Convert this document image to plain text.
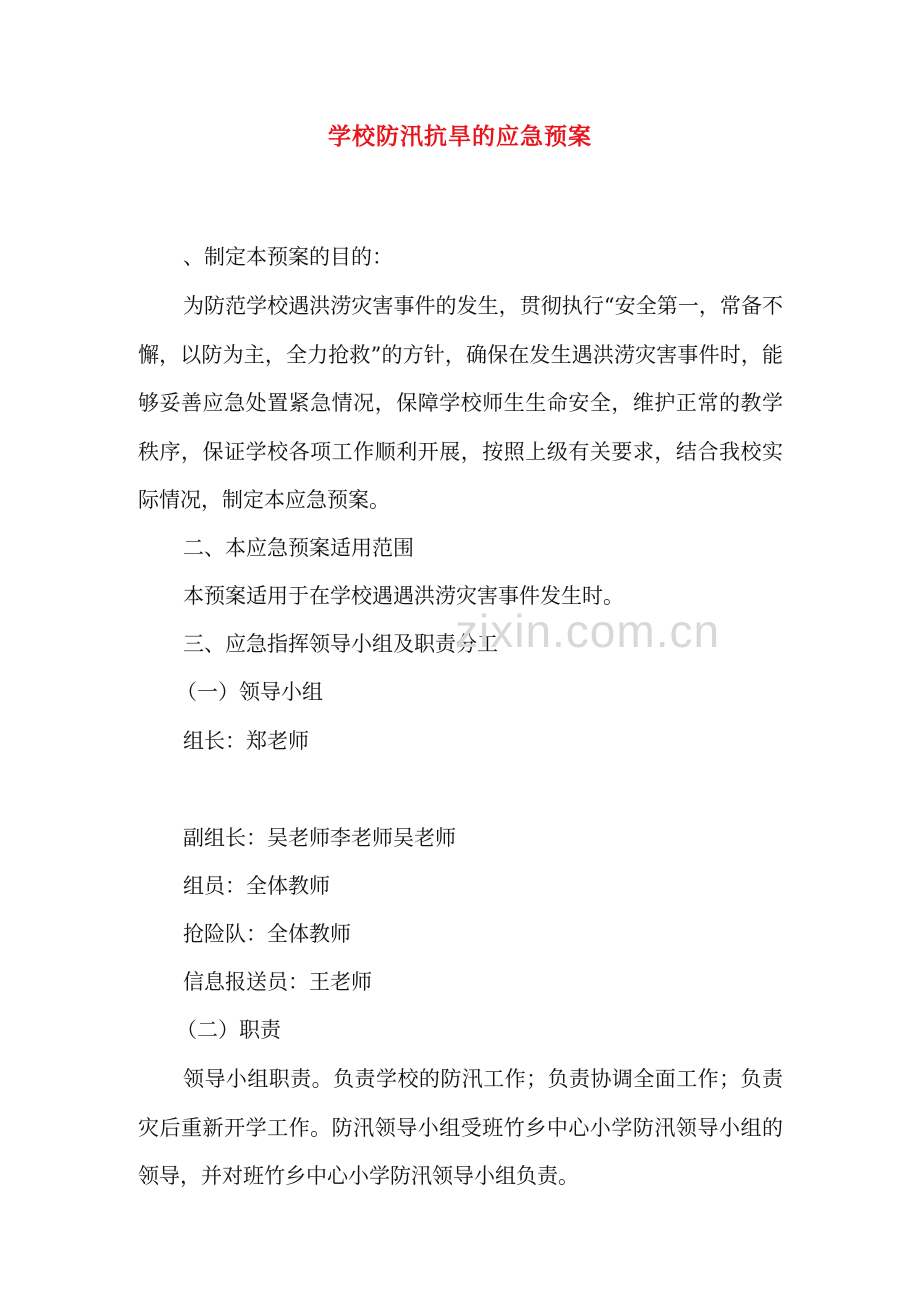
学校防汛抗旱的应急预案
、制定本预案的目的：
为防范学校遇洪涝灾害事件的发生，贯彻执行“安全第一，常备不懈，以防为主，全力抢救”的方针，确保在发生遇洪涝灾害事件时，能够妥善应急处置紧急情况，保障学校师生生命安全，维护正常的教学秩序，保证学校各项工作顺利开展，按照上级有关要求，结合我校实际情况，制定本应急预案。
二、本应急预案适用范围
本预案适用于在学校遇遇洪涝灾害事件发生时。
三、应急指挥领导小组及职责分工
（一）领导小组
组长：郑老师
副组长：吴老师李老师吴老师
组员：全体教师
抢险队：全体教师
信息报送员：王老师
（二）职责
领导小组职责。负责学校的防汛工作；负责协调全面工作；负责灾后重新开学工作。防汛领导小组受班竹乡中心小学防汛领导小组的领导，并对班竹乡中心小学防汛领导小组负责。
zixin.com.cn
